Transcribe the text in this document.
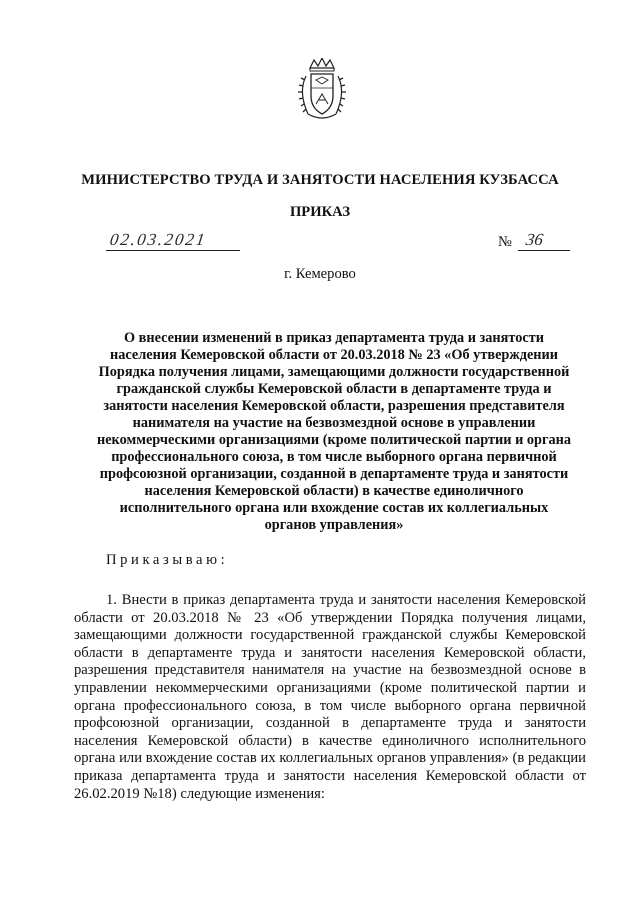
МИНИСТЕРСТВО ТРУДА И ЗАНЯТОСТИ НАСЕЛЕНИЯ КУЗБАССА
ПРИКАЗ
02.03.2021	№ 36
г. Кемерово
О внесении изменений в приказ департамента труда и занятости населения Кемеровской области от 20.03.2018 № 23 «Об утверждении Порядка получения лицами, замещающими должности государственной гражданской службы Кемеровской области в департаменте труда и занятости населения Кемеровской области, разрешения представителя нанимателя на участие на безвозмездной основе в управлении некоммерческими организациями (кроме политической партии и органа профессионального союза, в том числе выборного органа первичной профсоюзной организации, созданной в департаменте труда и занятости населения Кемеровской области) в качестве единоличного исполнительного органа или вхождение состав их коллегиальных органов управления»
Приказываю:
1. Внести в приказ департамента труда и занятости населения Кемеровской области от 20.03.2018 № 23 «Об утверждении Порядка получения лицами, замещающими должности государственной гражданской службы Кемеровской области в департаменте труда и занятости населения Кемеровской области, разрешения представителя нанимателя на участие на безвозмездной основе в управлении некоммерческими организациями (кроме политической партии и органа профессионального союза, в том числе выборного органа первичной профсоюзной организации, созданной в департаменте труда и занятости населения Кемеровской области) в качестве единоличного исполнительного органа или вхождение состав их коллегиальных органов управления» (в редакции приказа департамента труда и занятости населения Кемеровской области от 26.02.2019 №18) следующие изменения:
